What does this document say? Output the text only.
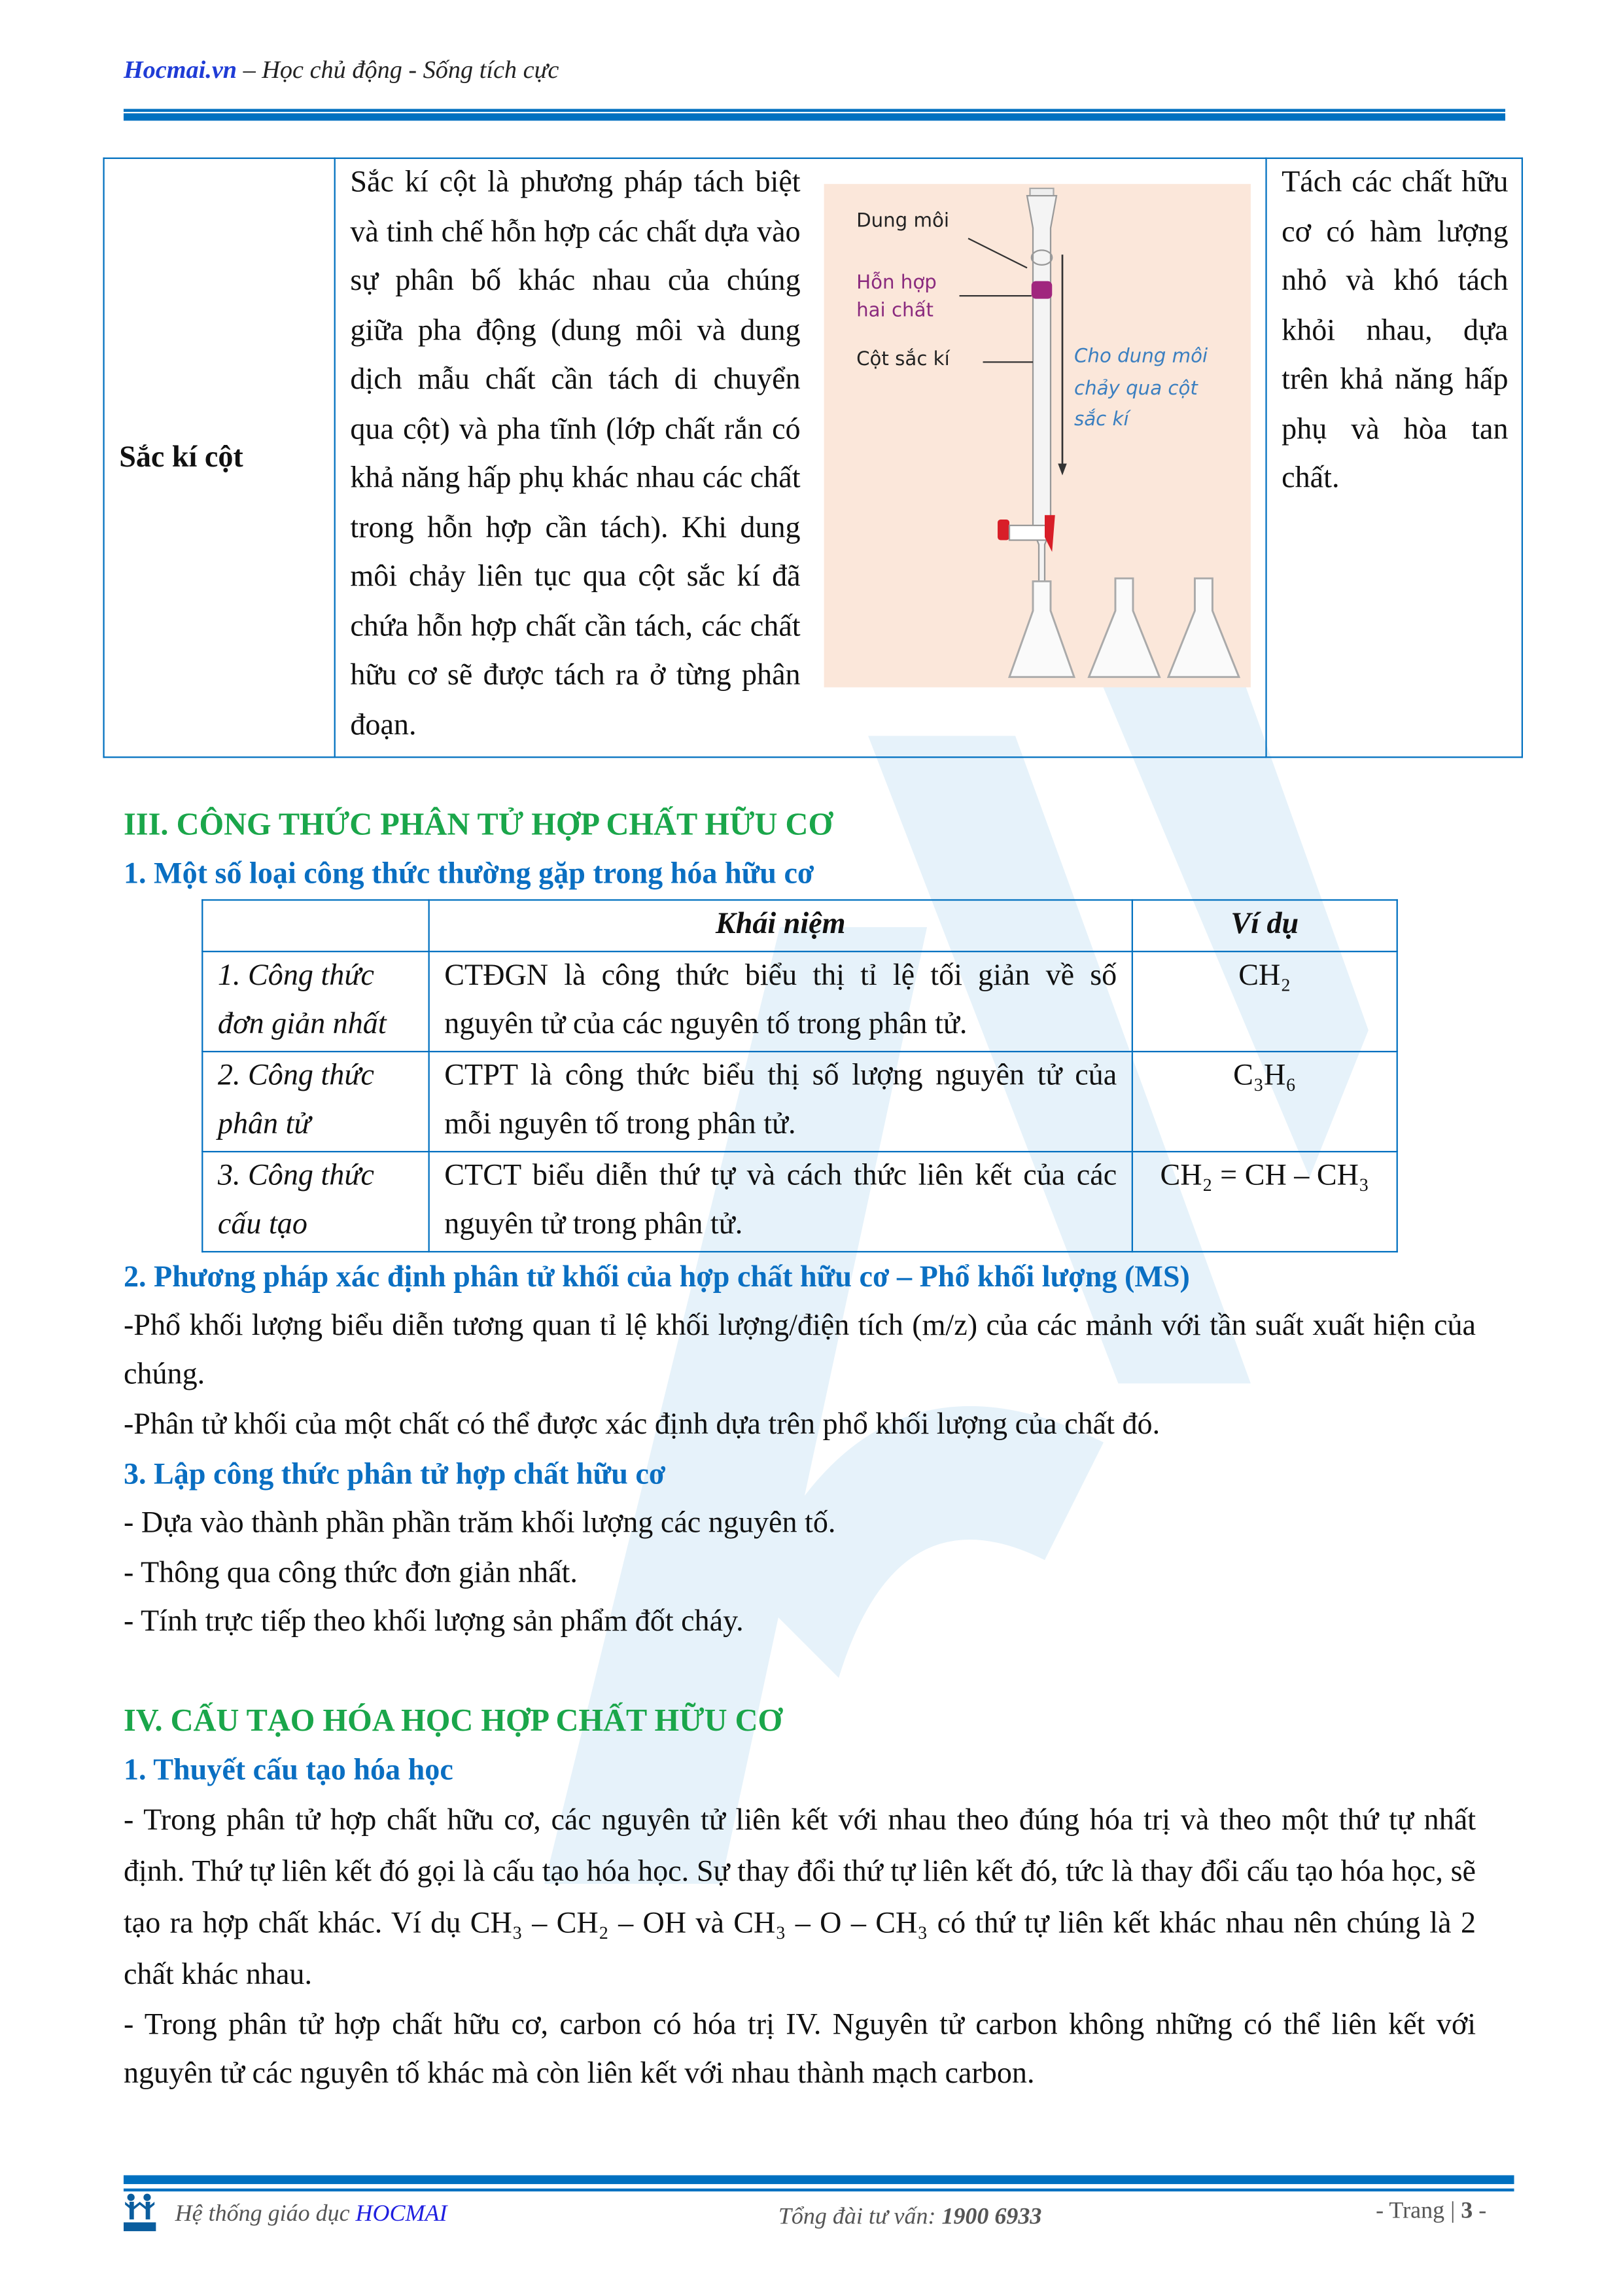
Hocmai.vn – Học chủ động - Sống tích cực
Sắc kí cột	
Dung môi
Hỗn hợp
hai chất
Cột sắc kí	Cho dung môi
chảy qua cột
sắc kí
Sắc kí cột là phương pháp tách biệt và tinh chế hỗn hợp các chất dựa vào sự phân bố khác nhau của chúng giữa pha động (dung môi và dung dịch mẫu chất cần tách di chuyển qua cột) và pha tĩnh (lớp chất rắn có khả năng hấp phụ khác nhau các chất trong hỗn hợp cần tách). Khi dung môi chảy liên tục qua cột sắc kí đã chứa hỗn hợp chất cần tách, các chất hữu cơ sẽ được tách ra ở từng phân đoạn.	Tách các chất hữu cơ có hàm lượng nhỏ và khó tách khỏi nhau, dựa trên khả năng hấp phụ và hòa tan chất.
III. CÔNG THỨC PHÂN TỬ HỢP CHẤT HỮU CƠ
1. Một số loại công thức thường gặp trong hóa hữu cơ
	Khái niệm	Ví dụ
1. Công thức đơn giản nhất	CTĐGN là công thức biểu thị tỉ lệ tối giản về số nguyên tử của các nguyên tố trong phân tử.	CH₂
2. Công thức phân tử	CTPT là công thức biểu thị số lượng nguyên tử của mỗi nguyên tố trong phân tử.	C₃H₆
3. Công thức cấu tạo	CTCT biểu diễn thứ tự và cách thức liên kết của các nguyên tử trong phân tử.	CH₂ = CH – CH₃
2. Phương pháp xác định phân tử khối của hợp chất hữu cơ – Phổ khối lượng (MS)
-Phổ khối lượng biểu diễn tương quan tỉ lệ khối lượng/điện tích (m/z) của các mảnh với tần suất xuất hiện của chúng.
-Phân tử khối của một chất có thể được xác định dựa trên phổ khối lượng của chất đó.
3. Lập công thức phân tử hợp chất hữu cơ
- Dựa vào thành phần phần trăm khối lượng các nguyên tố.
- Thông qua công thức đơn giản nhất.
- Tính trực tiếp theo khối lượng sản phẩm đốt cháy.
IV. CẤU TẠO HÓA HỌC HỢP CHẤT HỮU CƠ
1. Thuyết cấu tạo hóa học
- Trong phân tử hợp chất hữu cơ, các nguyên tử liên kết với nhau theo đúng hóa trị và theo một thứ tự nhất định. Thứ tự liên kết đó gọi là cấu tạo hóa học. Sự thay đổi thứ tự liên kết đó, tức là thay đổi cấu tạo hóa học, sẽ tạo ra hợp chất khác. Ví dụ CH₃ – CH₂ – OH và CH₃ – O – CH₃ có thứ tự liên kết khác nhau nên chúng là 2 chất khác nhau.
- Trong phân tử hợp chất hữu cơ, carbon có hóa trị IV. Nguyên tử carbon không những có thể liên kết với nguyên tử các nguyên tố khác mà còn liên kết với nhau thành mạch carbon.
Hệ thống giáo dục HOCMAI	Tổng đài tư vấn: 1900 6933	- Trang | 3 -
